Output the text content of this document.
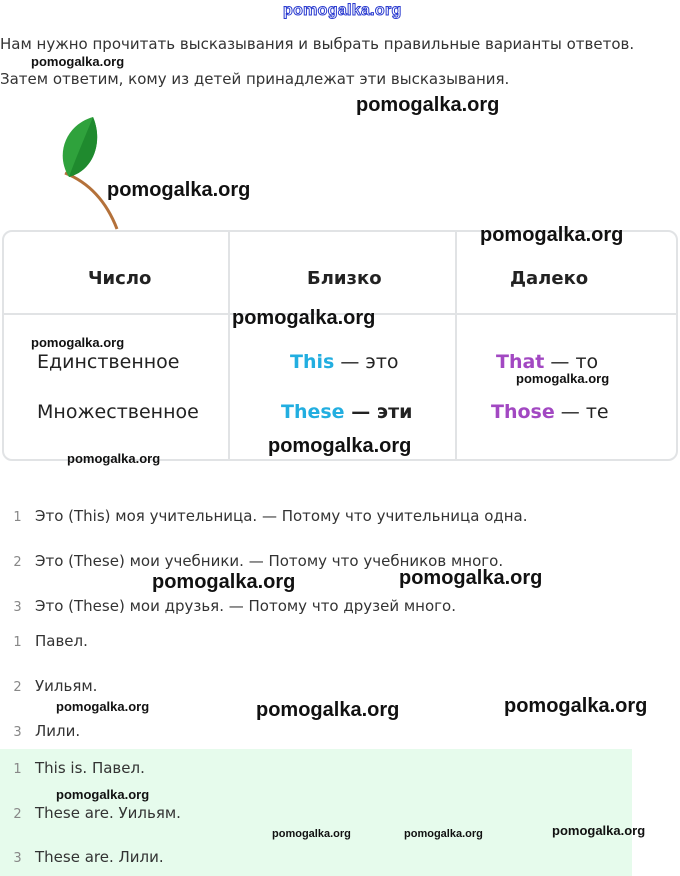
pomogalka.org
Нам нужно прочитать высказывания и выбрать правильные варианты ответов.
Затем ответим, кому из детей принадлежат эти высказывания.
Число	Близко	Далеко
Единственное	This — это	That — то
Множественное	These — эти	Those — те
1 Это (This) моя учительница. — Потому что учительница одна.
2 Это (These) мои учебники. — Потому что учебников много.
3 Это (These) мои друзья. — Потому что друзей много.
1 Павел.
2 Уильям.
3 Лили.
1 This is. Павел.
2 These are. Уильям.
3 These are. Лили.
pomogalka.org
pomogalka.org
pomogalka.org
pomogalka.org
pomogalka.org
pomogalka.org
pomogalka.org
pomogalka.org
pomogalka.org
pomogalka.org	pomogalka.org
pomogalka.org	pomogalka.org	pomogalka.org
pomogalka.org
pomogalka.org	pomogalka.org	pomogalka.org
